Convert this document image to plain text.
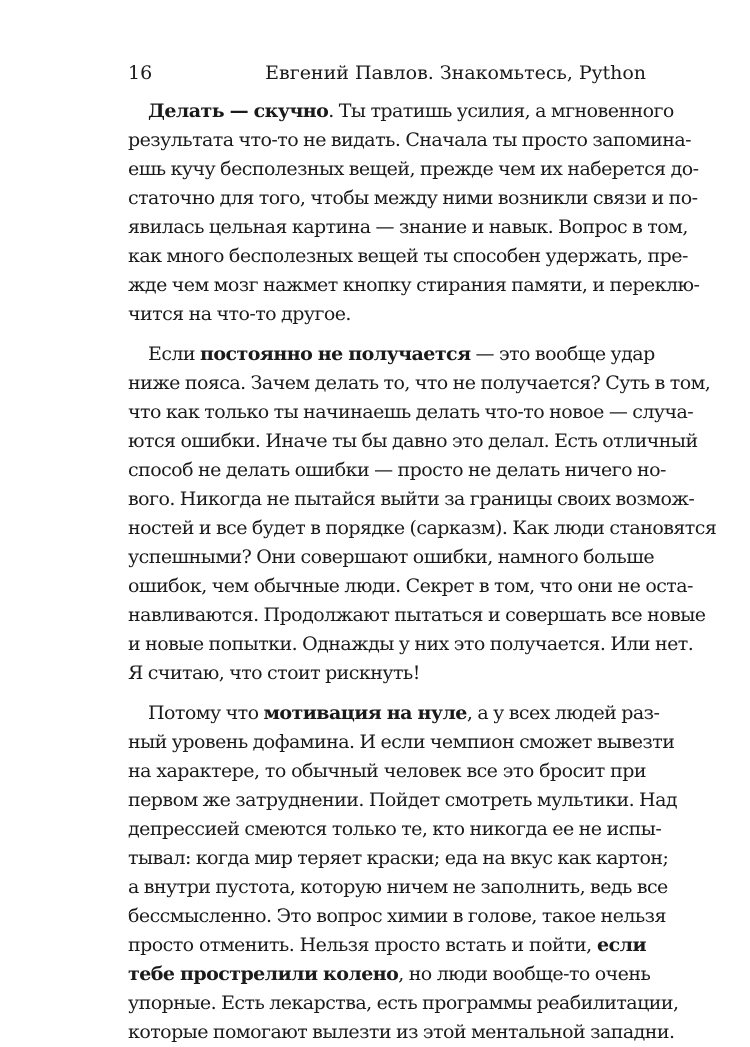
16	Евгений Павлов. Знакомьтесь, Python

Делать — скучно. Ты тратишь усилия, а мгновенного
результата что-то не видать. Сначала ты просто запомина-
ешь кучу бесполезных вещей, прежде чем их наберется до-
статочно для того, чтобы между ними возникли связи и по-
явилась цельная картина — знание и навык. Вопрос в том,
как много бесполезных вещей ты способен удержать, пре-
жде чем мозг нажмет кнопку стирания памяти, и переклю-
чится на что-то другое.

Если постоянно не получается — это вообще удар
ниже пояса. Зачем делать то, что не получается? Суть в том,
что как только ты начинаешь делать что-то новое — случа-
ются ошибки. Иначе ты бы давно это делал. Есть отличный
способ не делать ошибки — просто не делать ничего но-
вого. Никогда не пытайся выйти за границы своих возмож-
ностей и все будет в порядке (сарказм). Как люди становятся
успешными? Они совершают ошибки, намного больше
ошибок, чем обычные люди. Секрет в том, что они не оста-
навливаются. Продолжают пытаться и совершать все новые
и новые попытки. Однажды у них это получается. Или нет.
Я считаю, что стоит рискнуть!

Потому что мотивация на нуле, а у всех людей раз-
ный уровень дофамина. И если чемпион сможет вывезти
на характере, то обычный человек все это бросит при
первом же затруднении. Пойдет смотреть мультики. Над
депрессией смеются только те, кто никогда ее не испы-
тывал: когда мир теряет краски; еда на вкус как картон;
а внутри пустота, которую ничем не заполнить, ведь все
бессмысленно. Это вопрос химии в голове, такое нельзя
просто отменить. Нельзя просто встать и пойти, если
тебе прострелили колено, но люди вообще-то очень
упорные. Есть лекарства, есть программы реабилитации,
которые помогают вылезти из этой ментальной западни.
